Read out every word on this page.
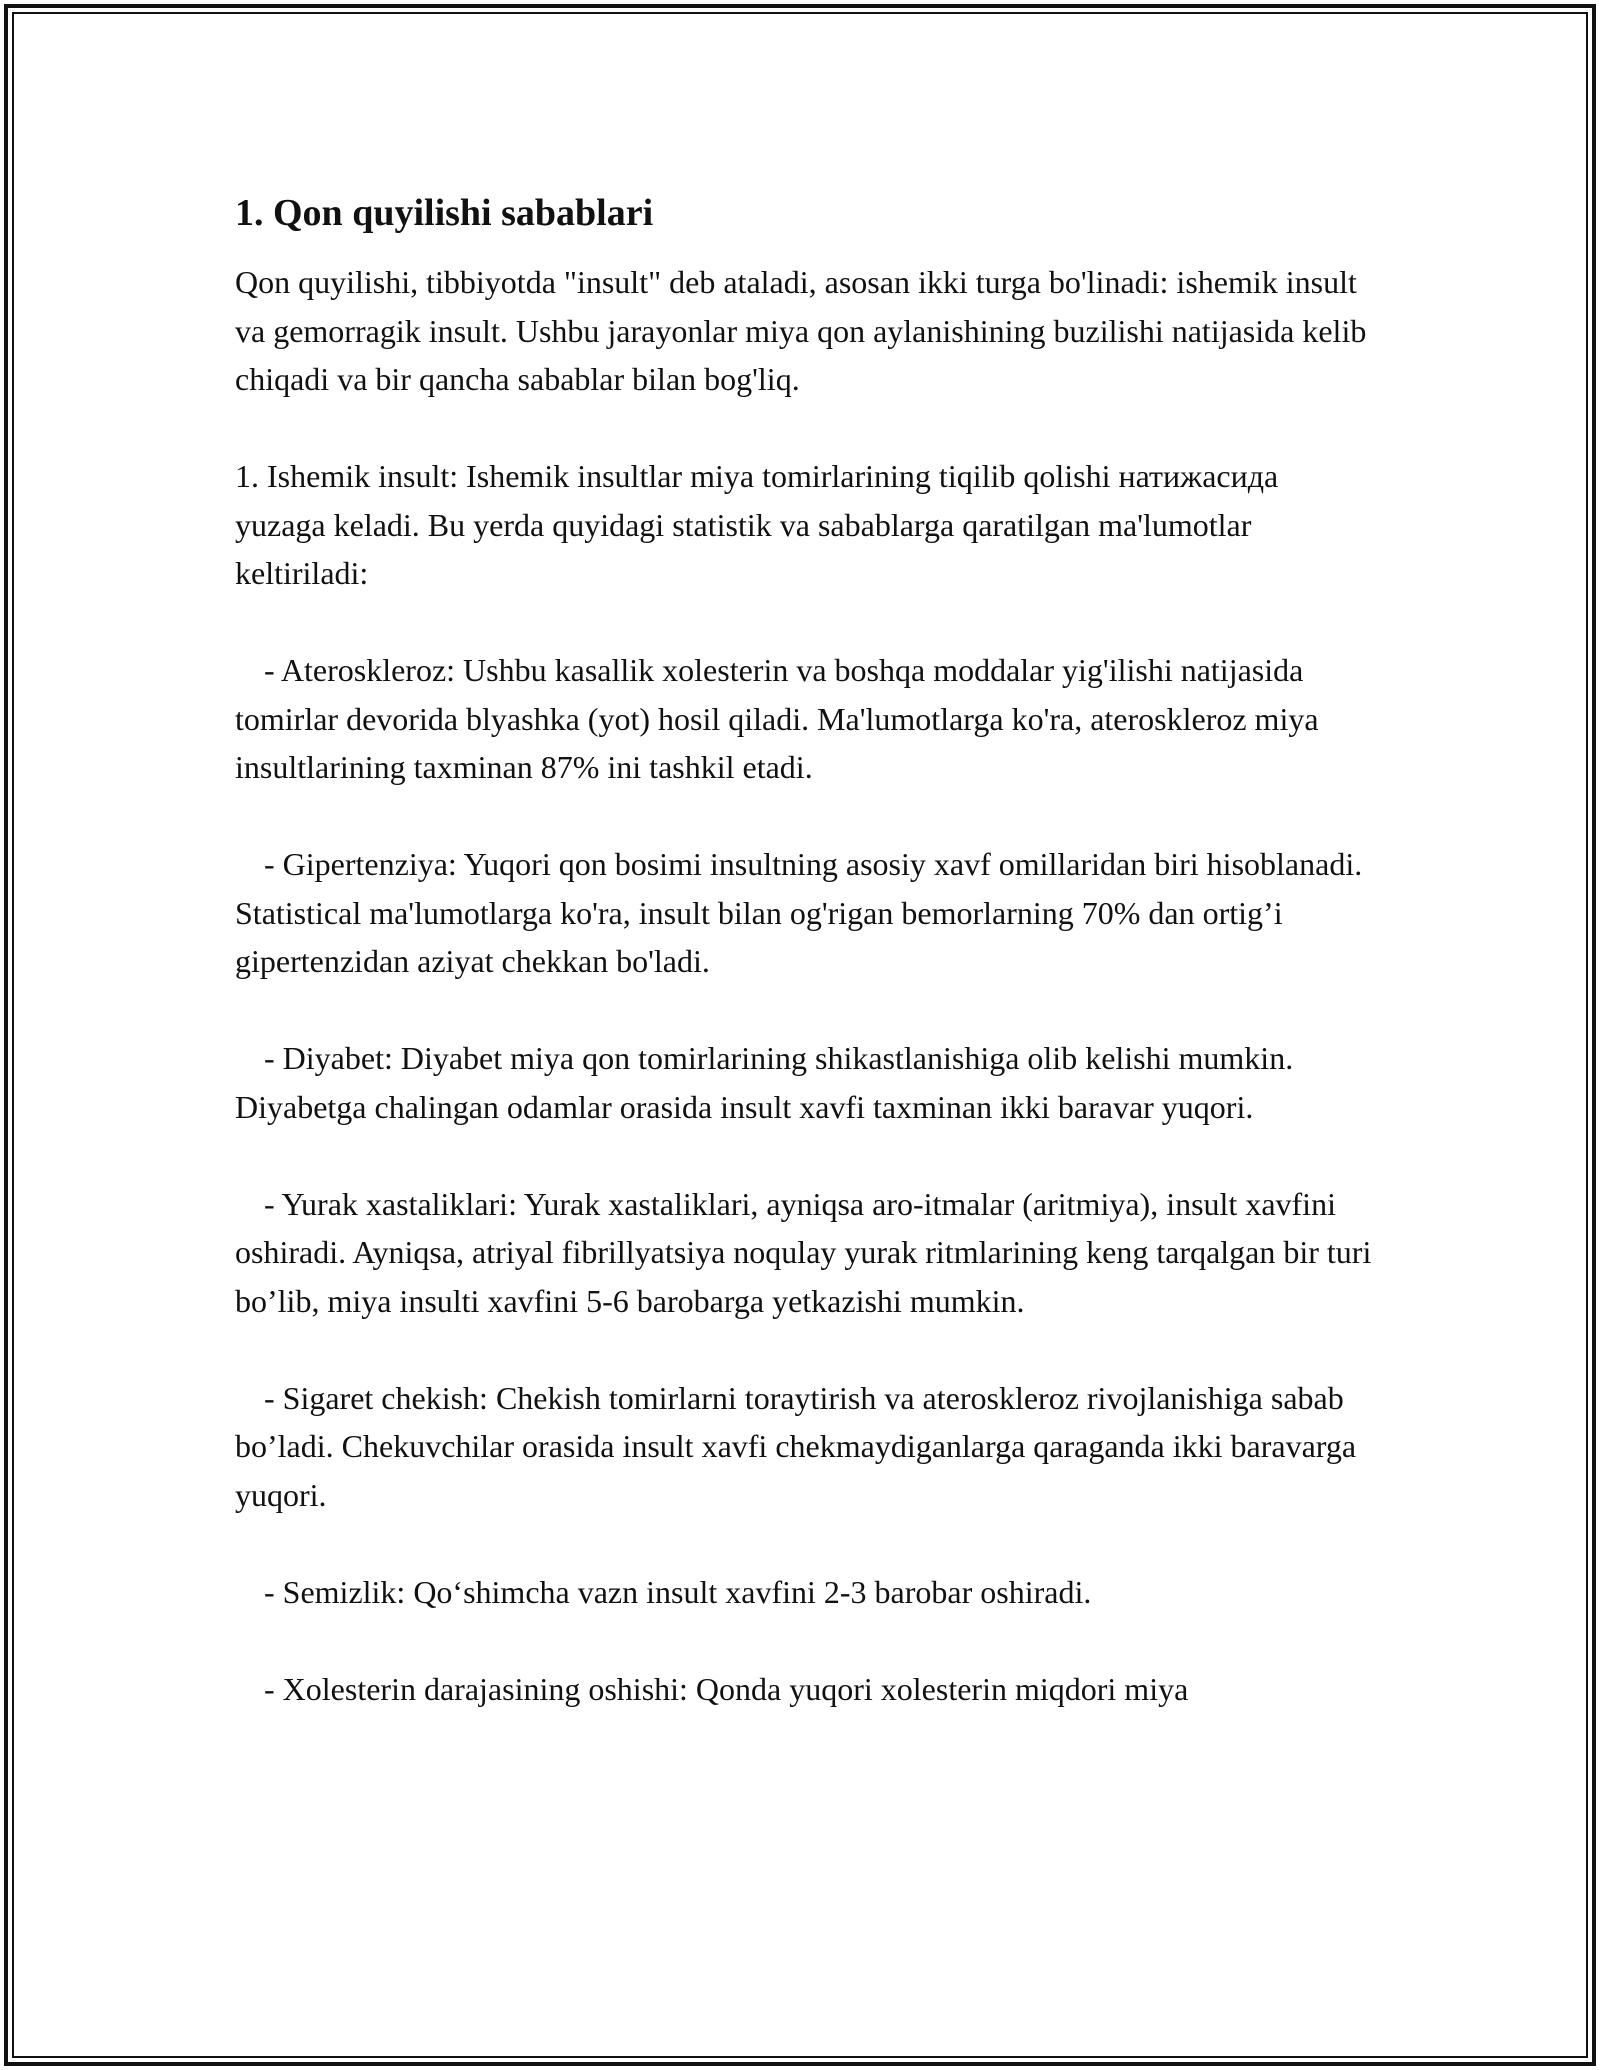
1. Qon quyilishi sabablari

Qon quyilishi, tibbiyotda "insult" deb ataladi, asosan ikki turga bo'linadi: ishemik insult va gemorragik insult. Ushbu jarayonlar miya qon aylanishining buzilishi natijasida kelib chiqadi va bir qancha sabablar bilan bog'liq.

1. Ishemik insult: Ishemik insultlar miya tomirlarining tiqilib qolishi натижасида yuzaga keladi. Bu yerda quyidagi statistik va sabablarga qaratilgan ma'lumotlar keltiriladi:

- Ateroskleroz: Ushbu kasallik xolesterin va boshqa moddalar yig'ilishi natijasida tomirlar devorida blyashka (yot) hosil qiladi. Ma'lumotlarga ko'ra, ateroskleroz miya insultlarining taxminan 87% ini tashkil etadi.

- Gipertenziya: Yuqori qon bosimi insultning asosiy xavf omillaridan biri hisoblanadi. Statistical ma'lumotlarga ko'ra, insult bilan og'rigan bemorlarning 70% dan ortig’i gipertenzidan aziyat chekkan bo'ladi.

- Diyabet: Diyabet miya qon tomirlarining shikastlanishiga olib kelishi mumkin. Diyabetga chalingan odamlar orasida insult xavfi taxminan ikki baravar yuqori.

- Yurak xastaliklari: Yurak xastaliklari, ayniqsa aro-itmalar (aritmiya), insult xavfini oshiradi. Ayniqsa, atriyal fibrillyatsiya noqulay yurak ritmlarining keng tarqalgan bir turi bo’lib, miya insulti xavfini 5-6 barobarga yetkazishi mumkin.

- Sigaret chekish: Chekish tomirlarni toraytirish va ateroskleroz rivojlanishiga sabab bo’ladi. Chekuvchilar orasida insult xavfi chekmaydiganlarga qaraganda ikki baravarga yuqori.

- Semizlik: Qo‘shimcha vazn insult xavfini 2-3 barobar oshiradi.

- Xolesterin darajasining oshishi: Qonda yuqori xolesterin miqdori miya
